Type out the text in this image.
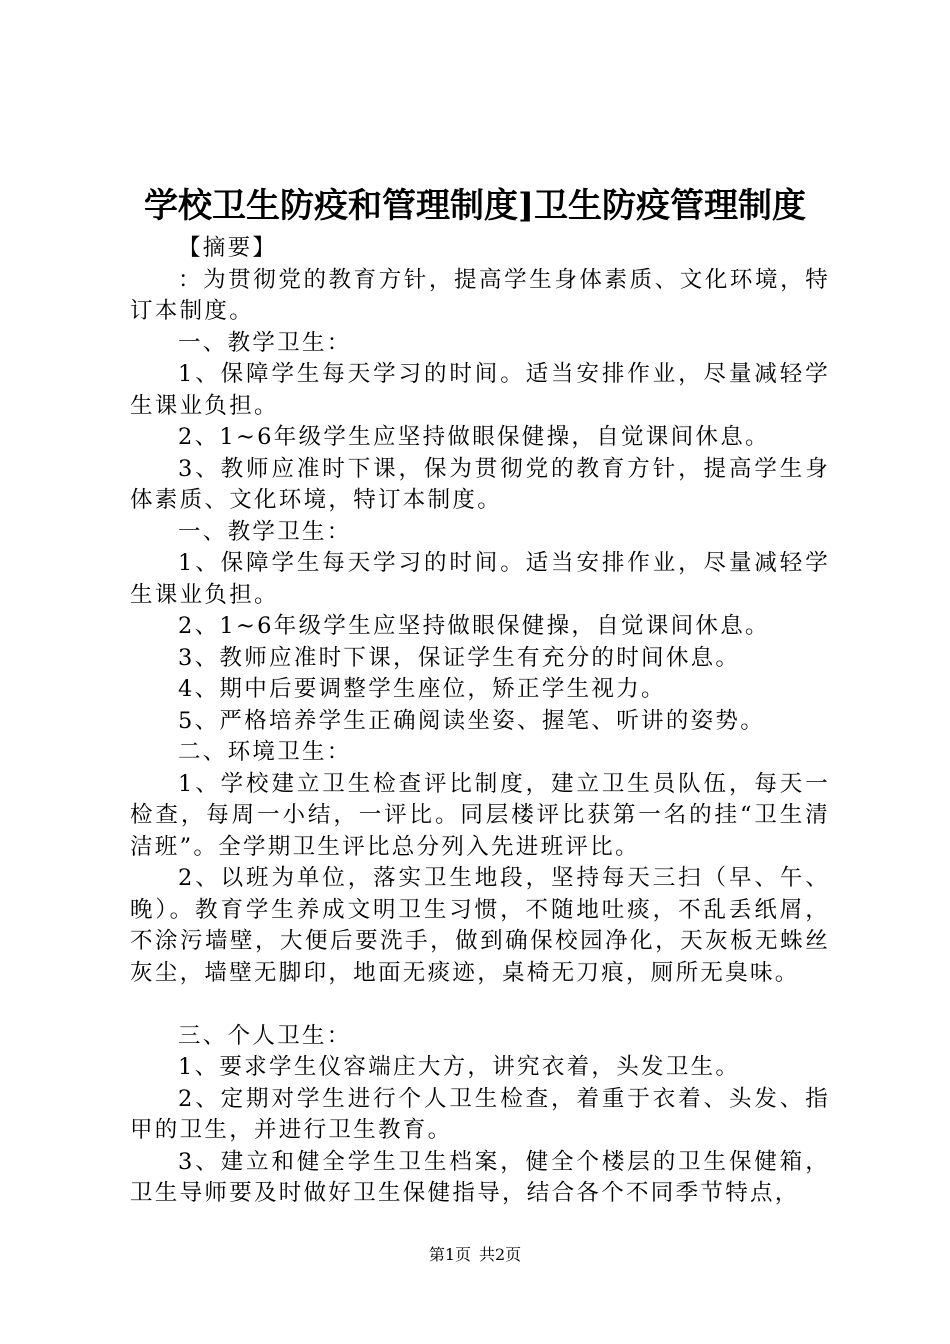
学校卫生防疫和管理制度]卫生防疫管理制度

【摘要】

：为贯彻党的教育方针，提高学生身体素质、文化环境，特订本制度。

一、教学卫生：

1、保障学生每天学习的时间。适当安排作业，尽量减轻学生课业负担。

2、1~6年级学生应坚持做眼保健操，自觉课间休息。

3、教师应准时下课，保为贯彻党的教育方针，提高学生身体素质、文化环境，特订本制度。

一、教学卫生：

1、保障学生每天学习的时间。适当安排作业，尽量减轻学生课业负担。

2、1~6年级学生应坚持做眼保健操，自觉课间休息。

3、教师应准时下课，保证学生有充分的时间休息。

4、期中后要调整学生座位，矫正学生视力。

5、严格培养学生正确阅读坐姿、握笔、听讲的姿势。

二、环境卫生：

1、学校建立卫生检查评比制度，建立卫生员队伍，每天一检查，每周一小结，一评比。同层楼评比获第一名的挂“卫生清洁班”。全学期卫生评比总分列入先进班评比。

2、以班为单位，落实卫生地段，坚持每天三扫（早、午、晚）。教育学生养成文明卫生习惯，不随地吐痰，不乱丢纸屑，不涂污墙壁，大便后要洗手，做到确保校园净化，天灰板无蛛丝灰尘，墙壁无脚印，地面无痰迹，桌椅无刀痕，厕所无臭味。

三、个人卫生：

1、要求学生仪容端庄大方，讲究衣着，头发卫生。

2、定期对学生进行个人卫生检查，着重于衣着、头发、指甲的卫生，并进行卫生教育。

3、建立和健全学生卫生档案，健全个楼层的卫生保健箱，卫生导师要及时做好卫生保健指导，结合各个不同季节特点，

第1页 共2页
